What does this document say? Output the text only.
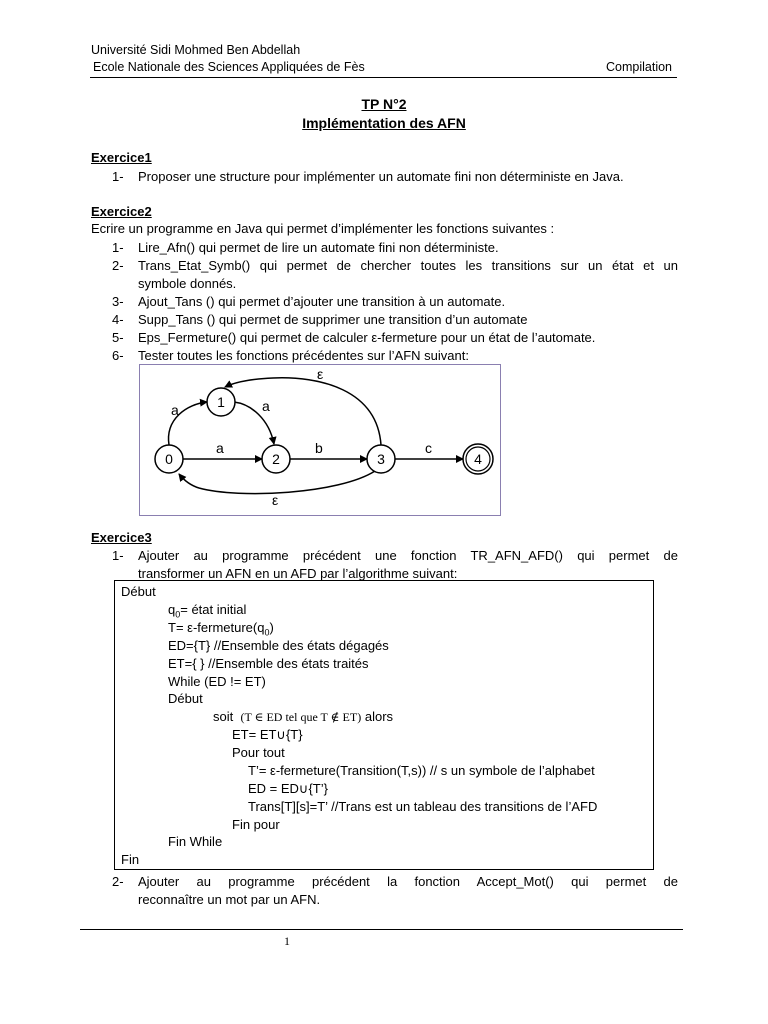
Université Sidi Mohmed Ben Abdellah
Ecole Nationale des Sciences Appliquées de Fès	Compilation
TP N°2
Implémentation des AFN
Exercice1
1- Proposer une structure pour implémenter un automate fini non déterministe en Java.
Exercice2
Ecrire un programme en Java qui permet d’implémenter les fonctions suivantes :
1- Lire_Afn() qui permet de lire un automate fini non déterministe.
2- Trans_Etat_Symb() qui permet de chercher toutes les transitions sur un état et un
symbole donnés.
3- Ajout_Tans () qui permet d’ajouter une transition à un automate.
4- Supp_Tans () qui permet de supprimer une transition d’un automate
5- Eps_Fermeture() qui permet de calculer ε-fermeture pour un état de l’automate.
6- Tester toutes les fonctions précédentes sur l’AFN suivant:
a	a
a	b	c
ε
ε
0
1
2	3	4
Exercice3
1- Ajouter au programme précédent une fonction TR_AFN_AFD() qui permet de
transformer un AFN en un AFD par l’algorithme suivant:
Début
$q_0=$ état initial
$T= \varepsilon-fermeture(q_0)$
ED={T} //Ensemble des états dégagés
ET={ } //Ensemble des états traités
While (ED != ET)
Début
soit (T ∈ ED tel que T ∉ ET) alors
ET= ET∪{T}
Pour tout
T’= ε-fermeture(Transition(T,s)) // s un symbole de l’alphabet
ED = ED∪{T’}
Trans[T][s]=T’ //Trans est un tableau des transitions de l’AFD
Fin pour
Fin While
Fin
2- Ajouter au programme précédent la fonction Accept_Mot() qui permet de
reconnaître un mot par un AFN.
1
